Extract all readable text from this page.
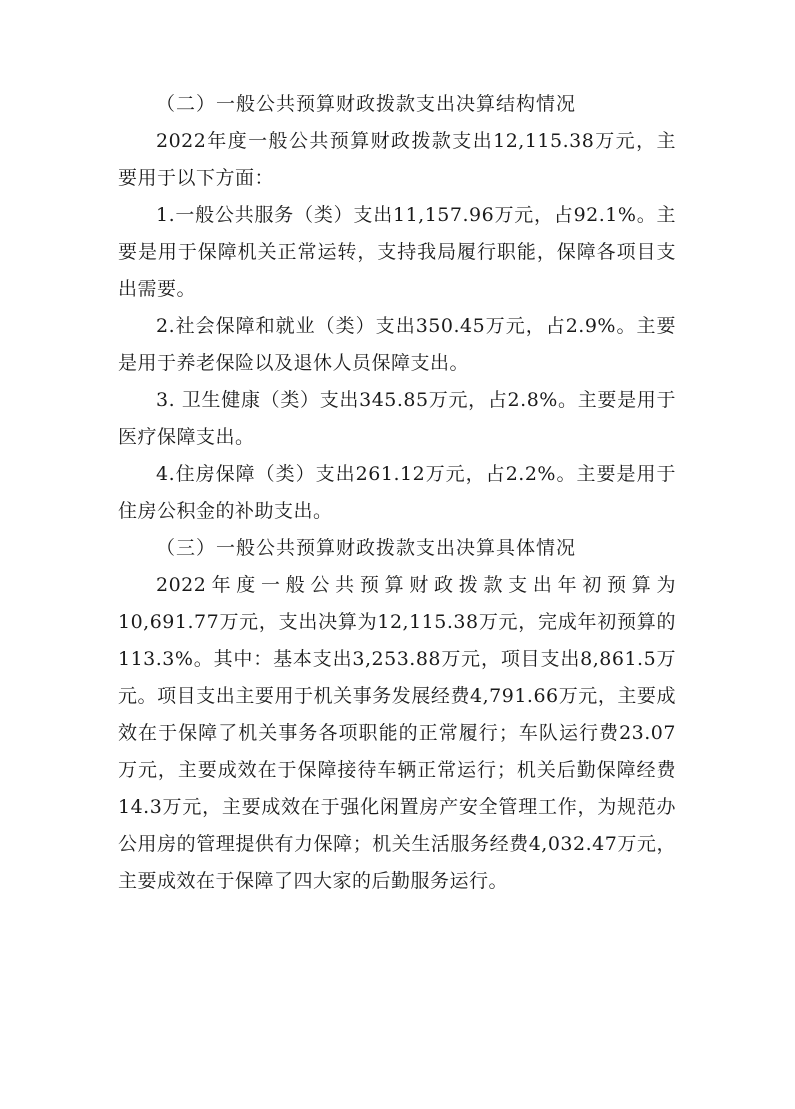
（二）一般公共预算财政拨款支出决算结构情况

2022年度一般公共预算财政拨款支出12,115.38万元，主要用于以下方面：

1.一般公共服务（类）支出11,157.96万元，占92.1%。主要是用于保障机关正常运转，支持我局履行职能，保障各项目支出需要。

2.社会保障和就业（类）支出350.45万元，占2.9%。主要是用于养老保险以及退休人员保障支出。

3. 卫生健康（类）支出345.85万元，占2.8%。主要是用于医疗保障支出。

4.住房保障（类）支出261.12万元，占2.2%。主要是用于住房公积金的补助支出。

（三）一般公共预算财政拨款支出决算具体情况

2022年度一般公共预算财政拨款支出年初预算为10,691.77万元，支出决算为12,115.38万元，完成年初预算的113.3%。其中：基本支出3,253.88万元，项目支出8,861.5万元。项目支出主要用于机关事务发展经费4,791.66万元，主要成效在于保障了机关事务各项职能的正常履行；车队运行费23.07万元，主要成效在于保障接待车辆正常运行；机关后勤保障经费14.3万元，主要成效在于强化闲置房产安全管理工作，为规范办公用房的管理提供有力保障；机关生活服务经费4,032.47万元，主要成效在于保障了四大家的后勤服务运行。
